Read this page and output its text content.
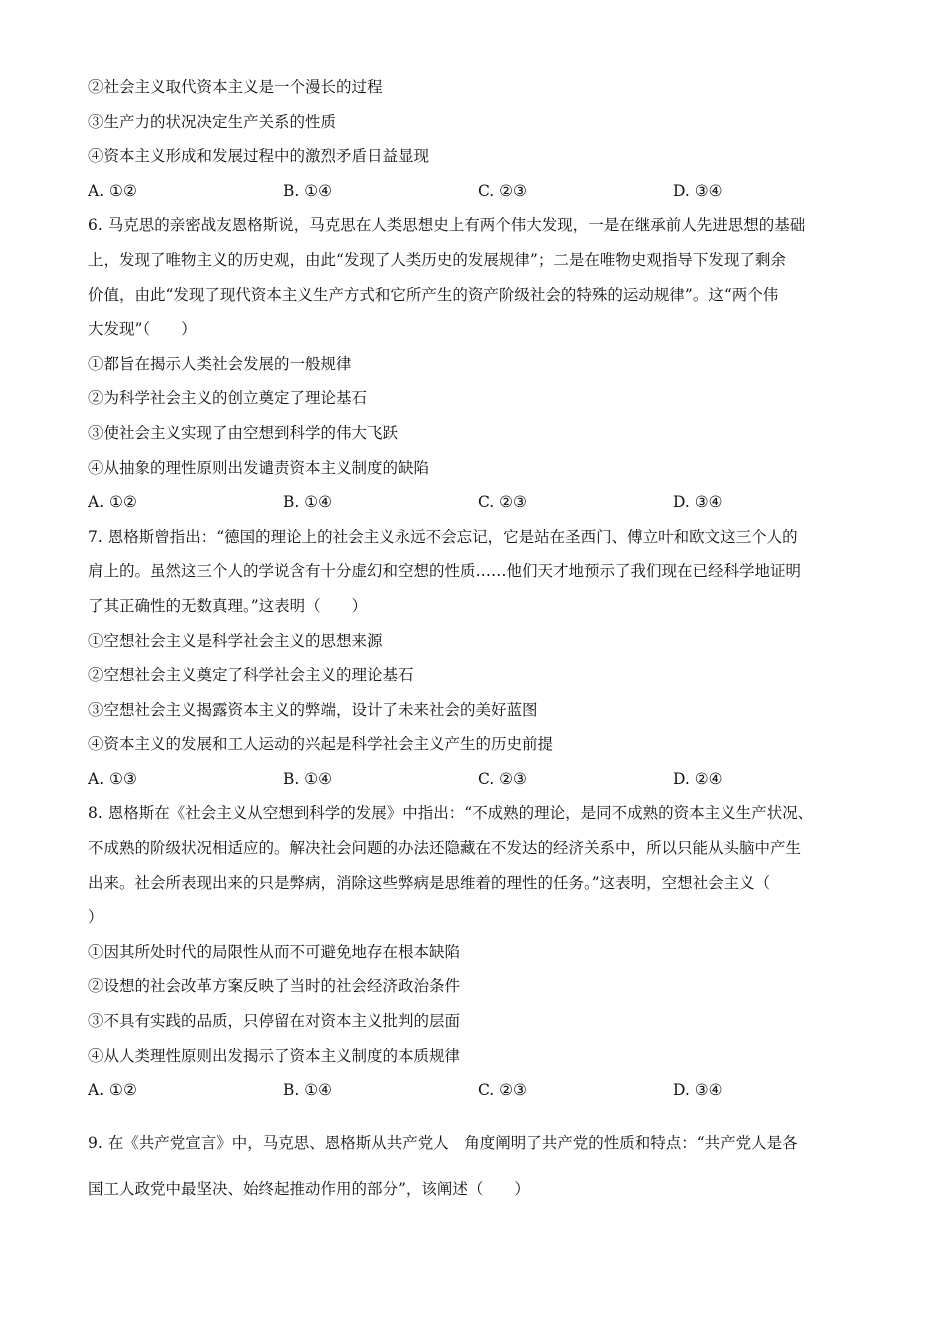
②社会主义取代资本主义是一个漫长的过程
③生产力的状况决定生产关系的性质
④资本主义形成和发展过程中的激烈矛盾日益显现
A. ①②	B. ①④	C. ②③	D. ③④
6. 马克思的亲密战友恩格斯说，马克思在人类思想史上有两个伟大发现，一是在继承前人先进思想的基础
上，发现了唯物主义的历史观，由此“发现了人类历史的发展规律”；二是在唯物史观指导下发现了剩余
价值，由此“发现了现代资本主义生产方式和它所产生的资产阶级社会的特殊的运动规律”。这“两个伟
大发现”（　　）
①都旨在揭示人类社会发展的一般规律
②为科学社会主义的创立奠定了理论基石
③使社会主义实现了由空想到科学的伟大飞跃
④从抽象的理性原则出发谴责资本主义制度的缺陷
A. ①②	B. ①④	C. ②③	D. ③④
7. 恩格斯曾指出：“德国的理论上的社会主义永远不会忘记，它是站在圣西门、傅立叶和欧文这三个人的
肩上的。虽然这三个人的学说含有十分虚幻和空想的性质……他们天才地预示了我们现在已经科学地证明
了其正确性的无数真理。”这表明（　　）
①空想社会主义是科学社会主义的思想来源
②空想社会主义奠定了科学社会主义的理论基石
③空想社会主义揭露资本主义的弊端，设计了未来社会的美好蓝图
④资本主义的发展和工人运动的兴起是科学社会主义产生的历史前提
A. ①③	B. ①④	C. ②③	D. ②④
8. 恩格斯在《社会主义从空想到科学的发展》中指出：“不成熟的理论，是同不成熟的资本主义生产状况、
不成熟的阶级状况相适应的。解决社会问题的办法还隐藏在不发达的经济关系中，所以只能从头脑中产生
出来。社会所表现出来的只是弊病，消除这些弊病是思维着的理性的任务。”这表明，空想社会主义（
）
①因其所处时代的局限性从而不可避免地存在根本缺陷
②设想的社会改革方案反映了当时的社会经济政治条件
③不具有实践的品质，只停留在对资本主义批判的层面
④从人类理性原则出发揭示了资本主义制度的本质规律
A. ①②	B. ①④	C. ②③	D. ③④
9. 在《共产党宣言》中，马克思、恩格斯从共产党人　角度阐明了共产党的性质和特点：“共产党人是各
国工人政党中最坚决、始终起推动作用的部分”，该阐述（　　）
